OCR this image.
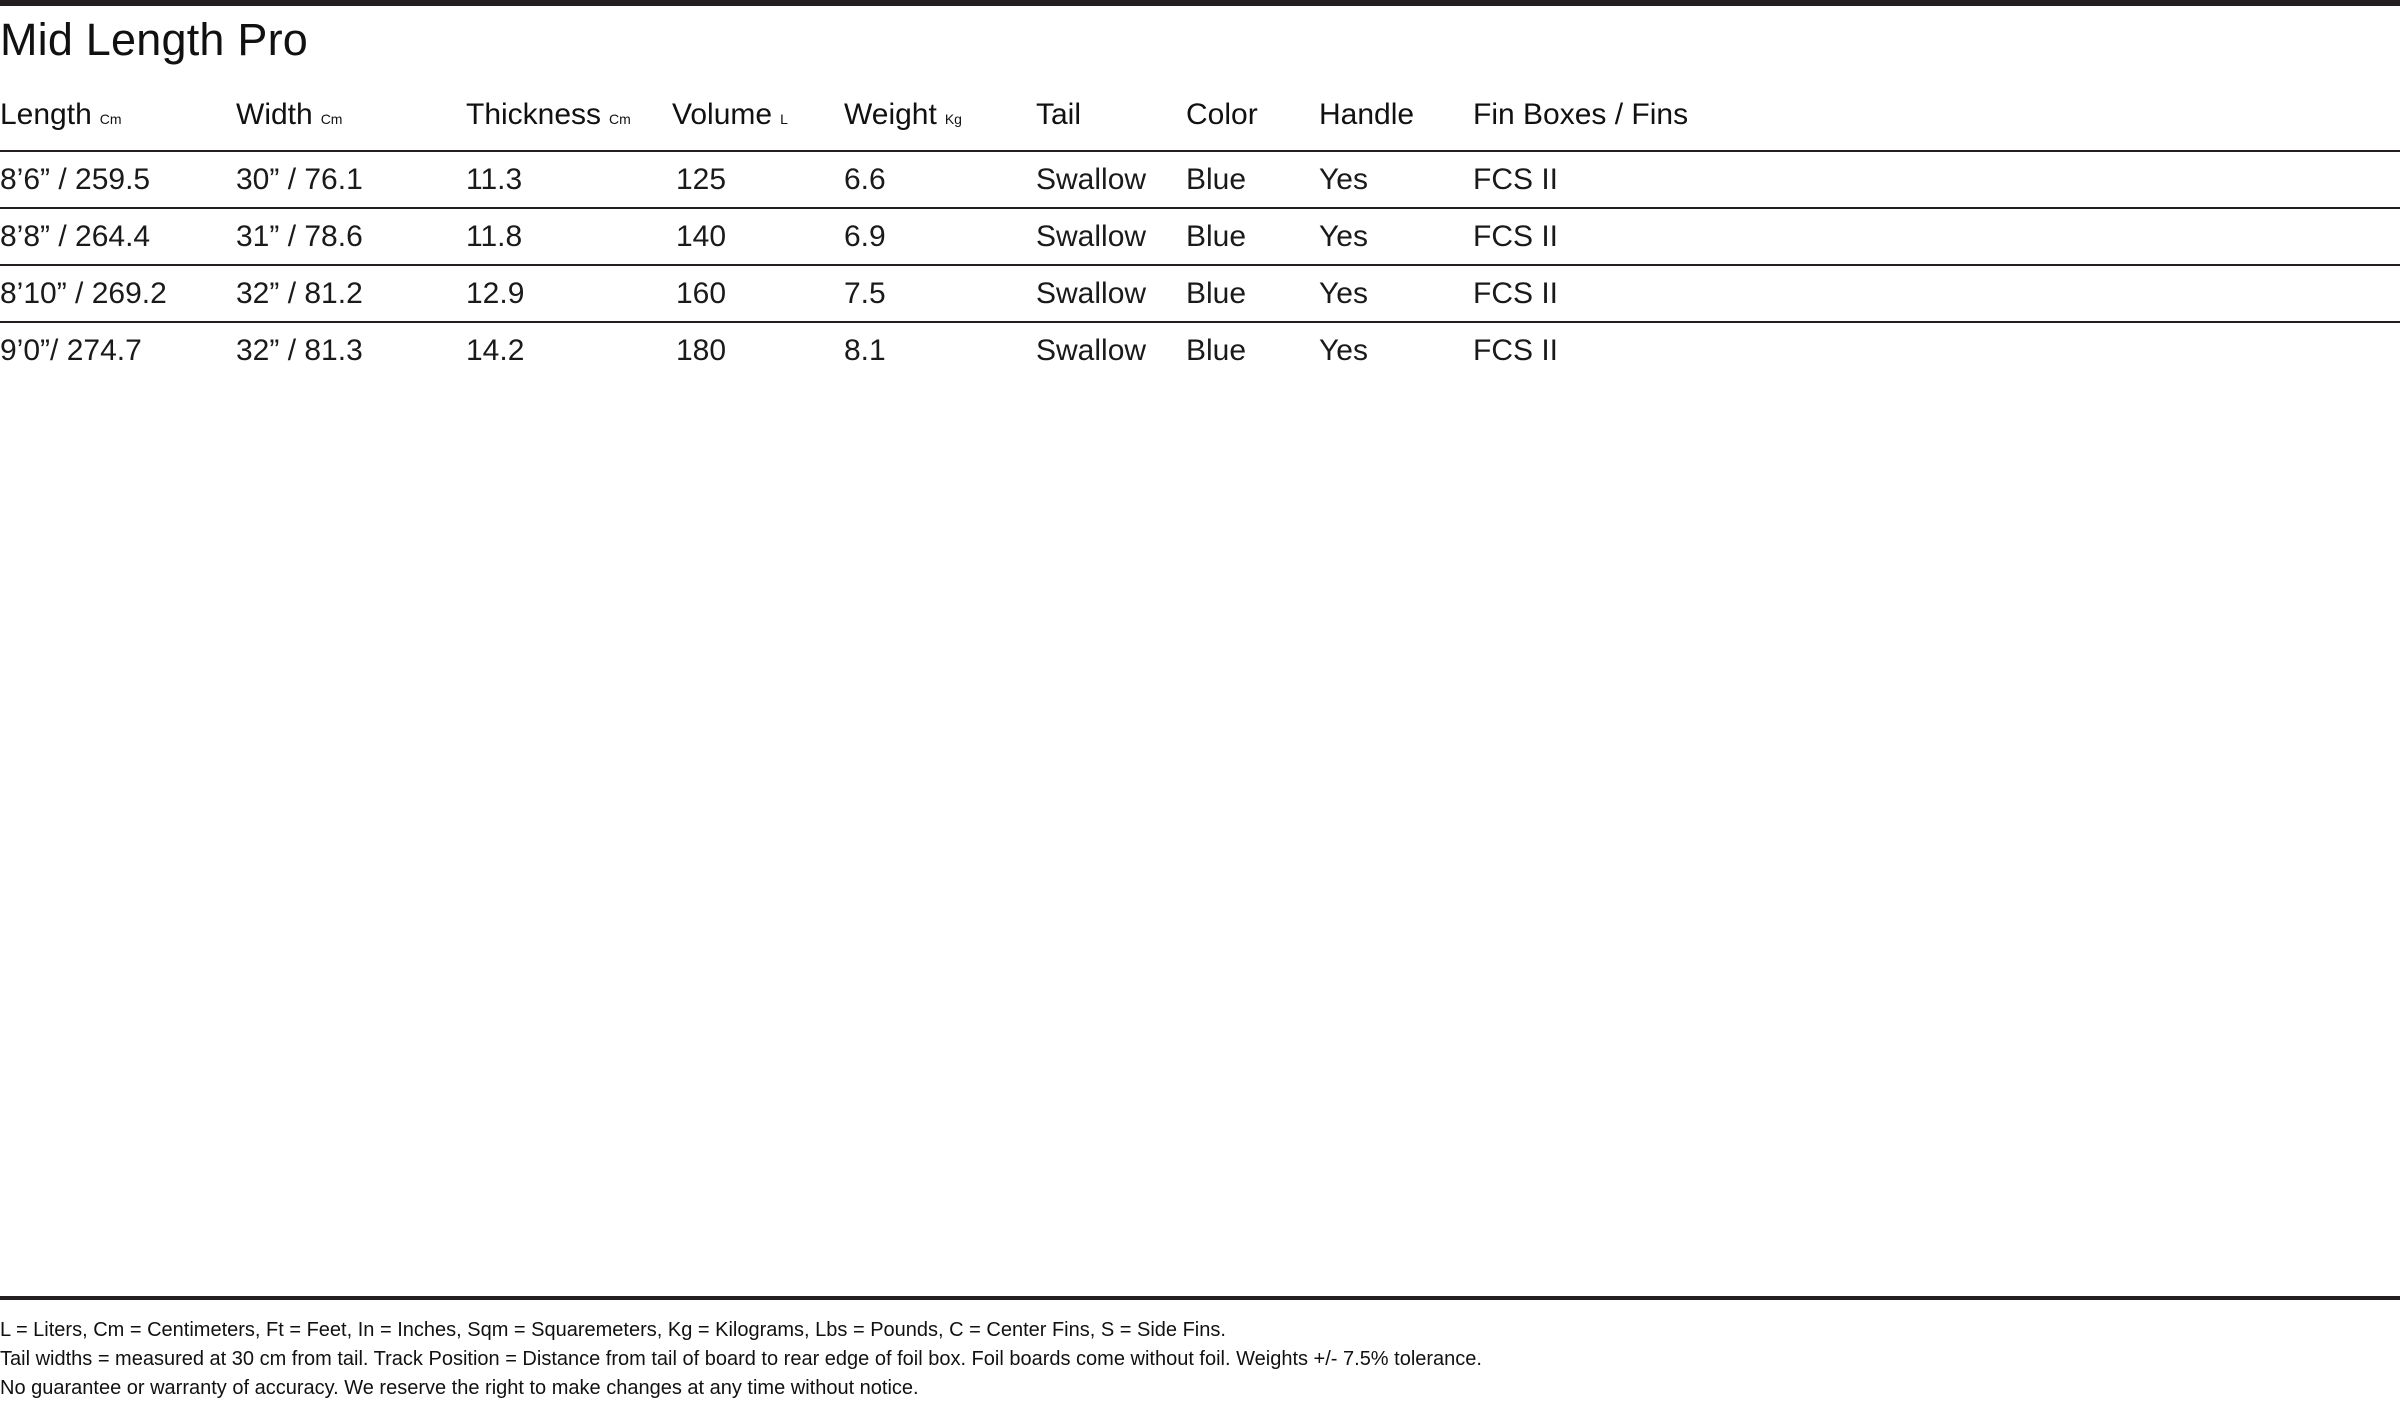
Mid Length Pro
Length Cm	Width Cm	Thickness Cm	Volume L	Weight Kg	Tail	Color	Handle	Fin Boxes / Fins	

8’6” / 259.5	30” / 76.1	11.3	125	6.6	Swallow	Blue	Yes	FCS II	
8’8” / 264.4	31” / 78.6	11.8	140	6.9	Swallow	Blue	Yes	FCS II	
8’10” / 269.2	32” / 81.2	12.9	160	7.5	Swallow	Blue	Yes	FCS II	
9’0”/ 274.7	32” / 81.3	14.2	180	8.1	Swallow	Blue	Yes	FCS II	

L = Liters, Cm = Centimeters, Ft = Feet, In = Inches, Sqm = Squaremeters, Kg = Kilograms, Lbs = Pounds, C = Center Fins, S = Side Fins.

Tail widths = measured at 30 cm from tail. Track Position = Distance from tail of board to rear edge of foil box. Foil boards come without foil. Weights +/- 7.5% tolerance.

No guarantee or warranty of accuracy. We reserve the right to make changes at any time without notice.
